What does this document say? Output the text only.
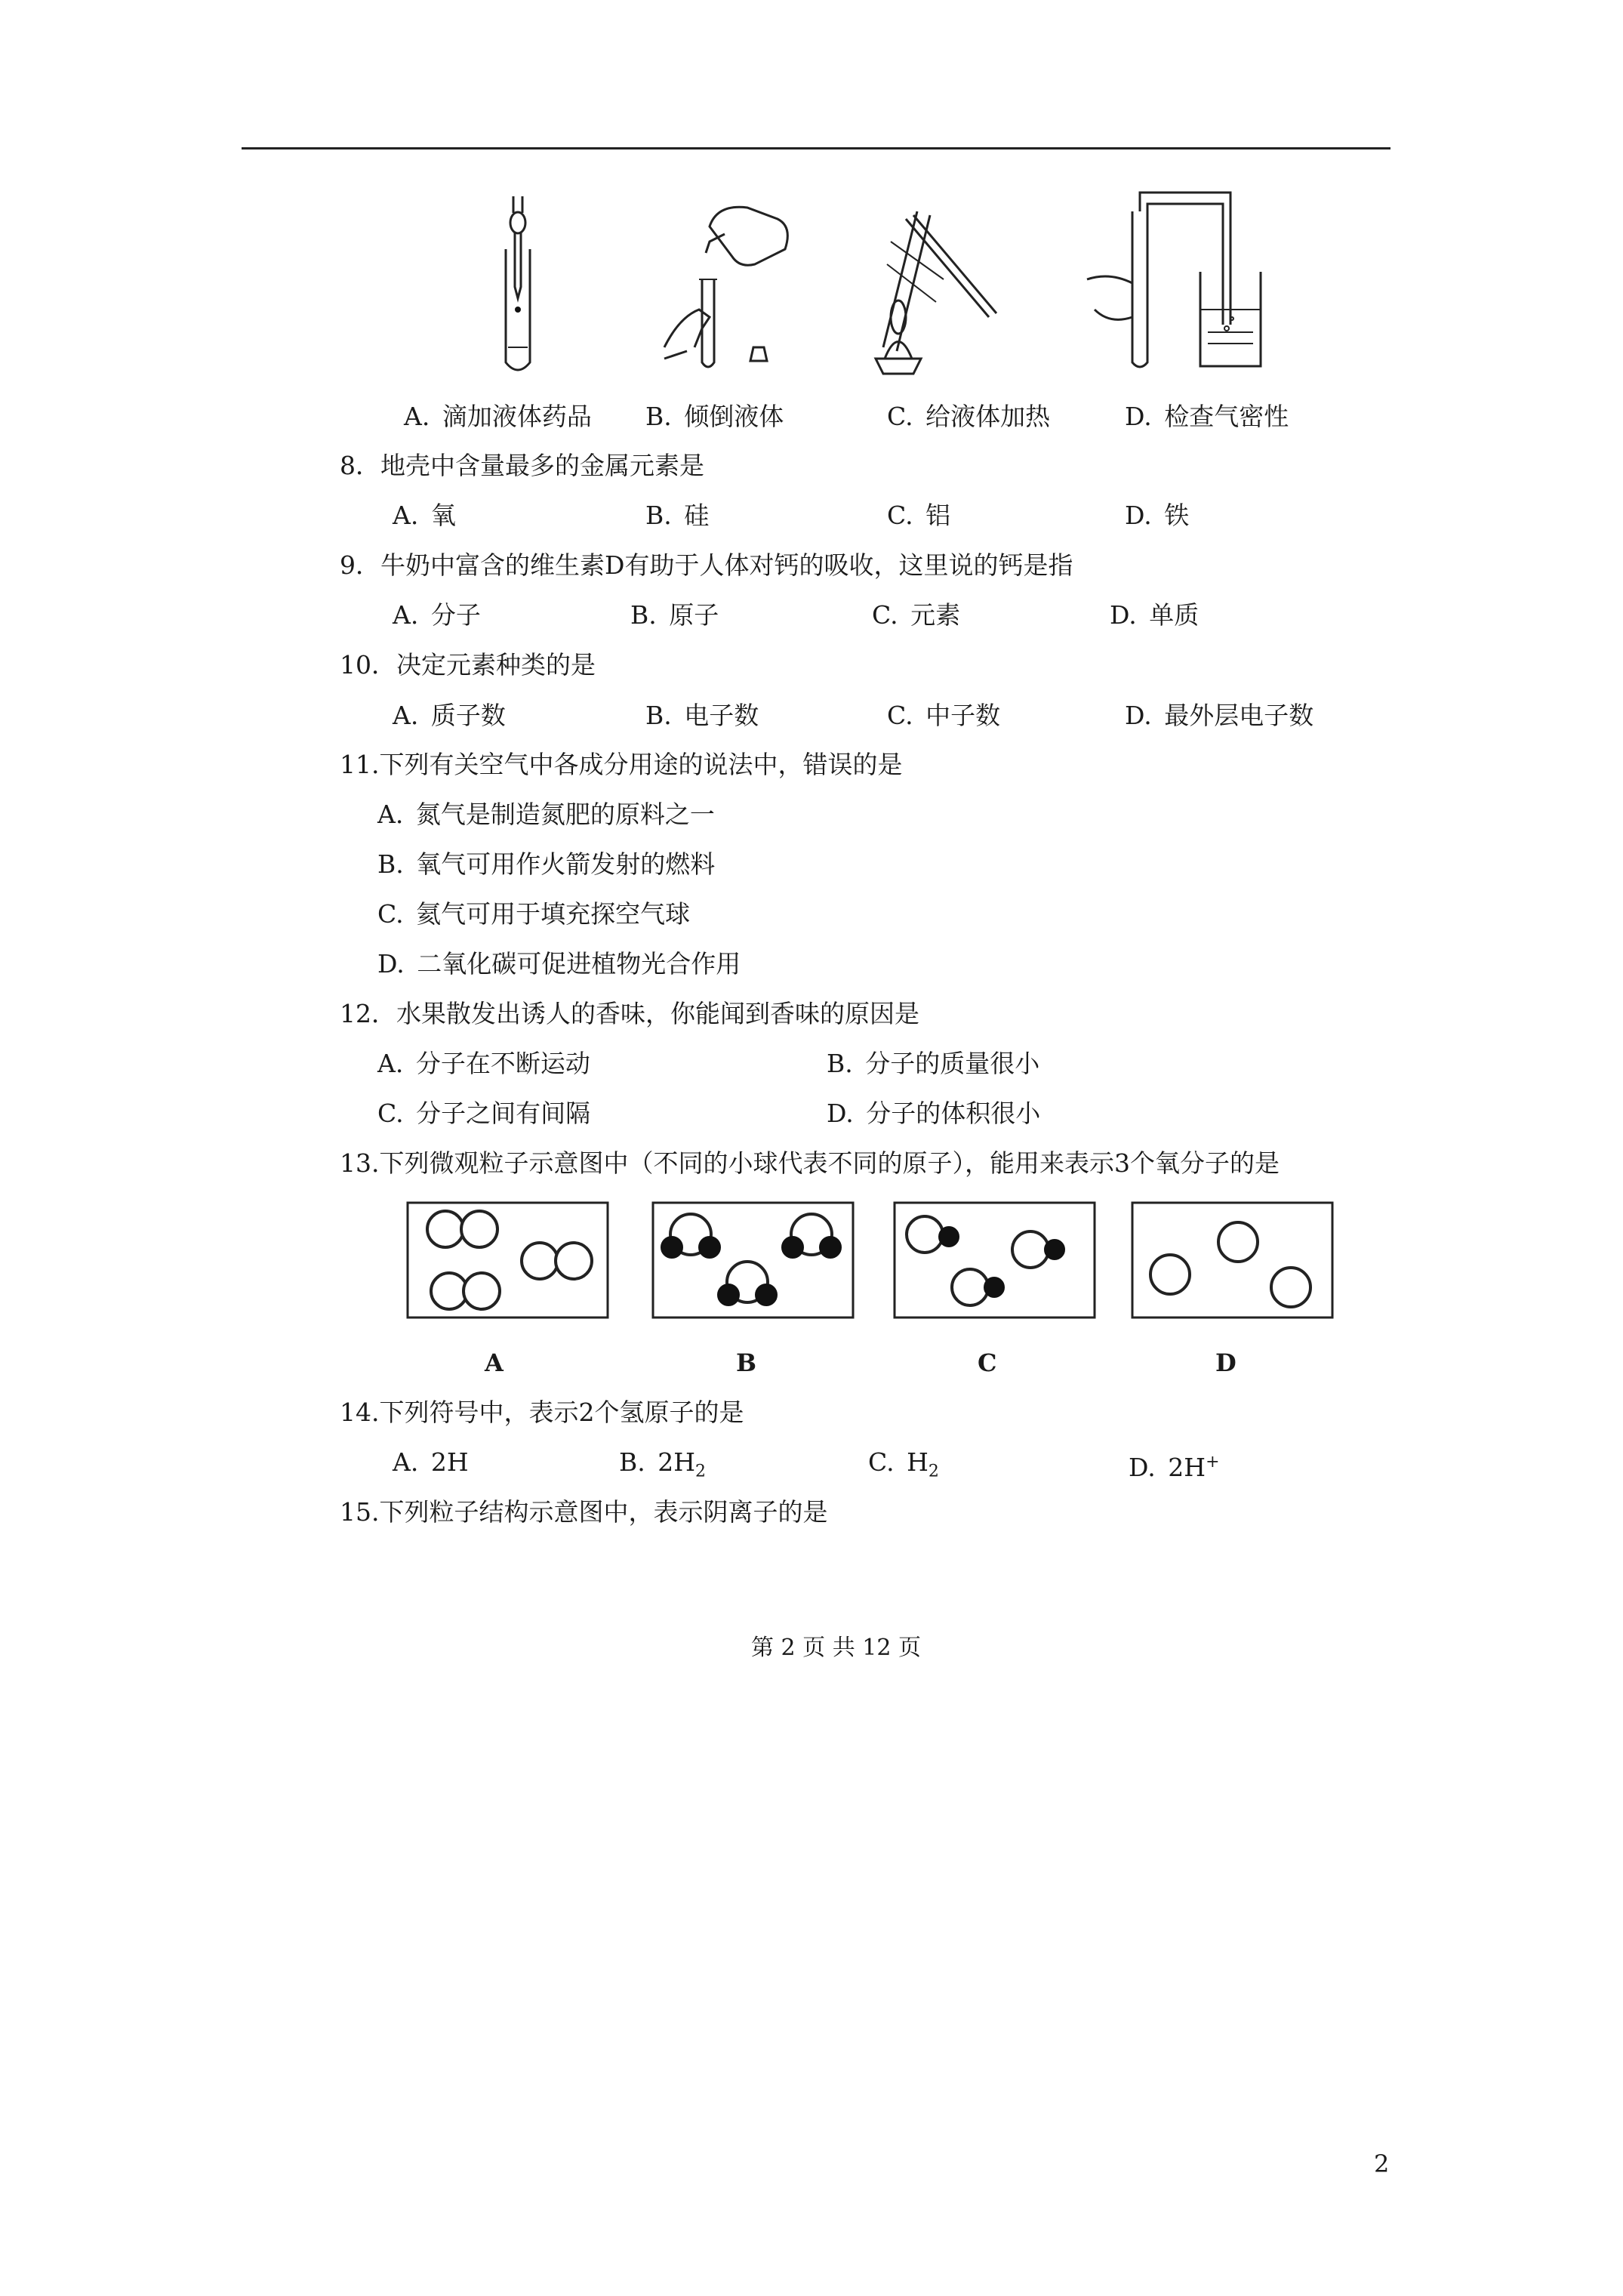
A.  滴加液体药品 B.  倾倒液体	C.  给液体加热	D.  检查气密性
8．地壳中含量最多的金属元素是
A.  氧	B.  硅	C.  铝	D.  铁
9．牛奶中富含的维生素D有助于人体对钙的吸收，这里说的钙是指
A.  分子	B.  原子	C.  元素	D.  单质
10．决定元素种类的是
A.  质子数	B.  电子数	C.  中子数	D.  最外层电子数
11.下列有关空气中各成分用途的说法中，错误的是
A.  氮气是制造氮肥的原料之一
B.  氧气可用作火箭发射的燃料
C.  氦气可用于填充探空气球
D.  二氧化碳可促进植物光合作用
12．水果散发出诱人的香味，你能闻到香味的原因是
A.  分子在不断运动	B.  分子的质量很小
C.  分子之间有间隔	D.  分子的体积很小
13.下列微观粒子示意图中（不同的小球代表不同的原子），能用来表示3个氧分子的是
A	B	C	D
14.下列符号中，表示2个氢原子的是
A.  2H	B.  $2H_2$	C.  $H_2$	D.  2H+
15.下列粒子结构示意图中，表示阴离子的是
第 2 页 共 12 页
2
